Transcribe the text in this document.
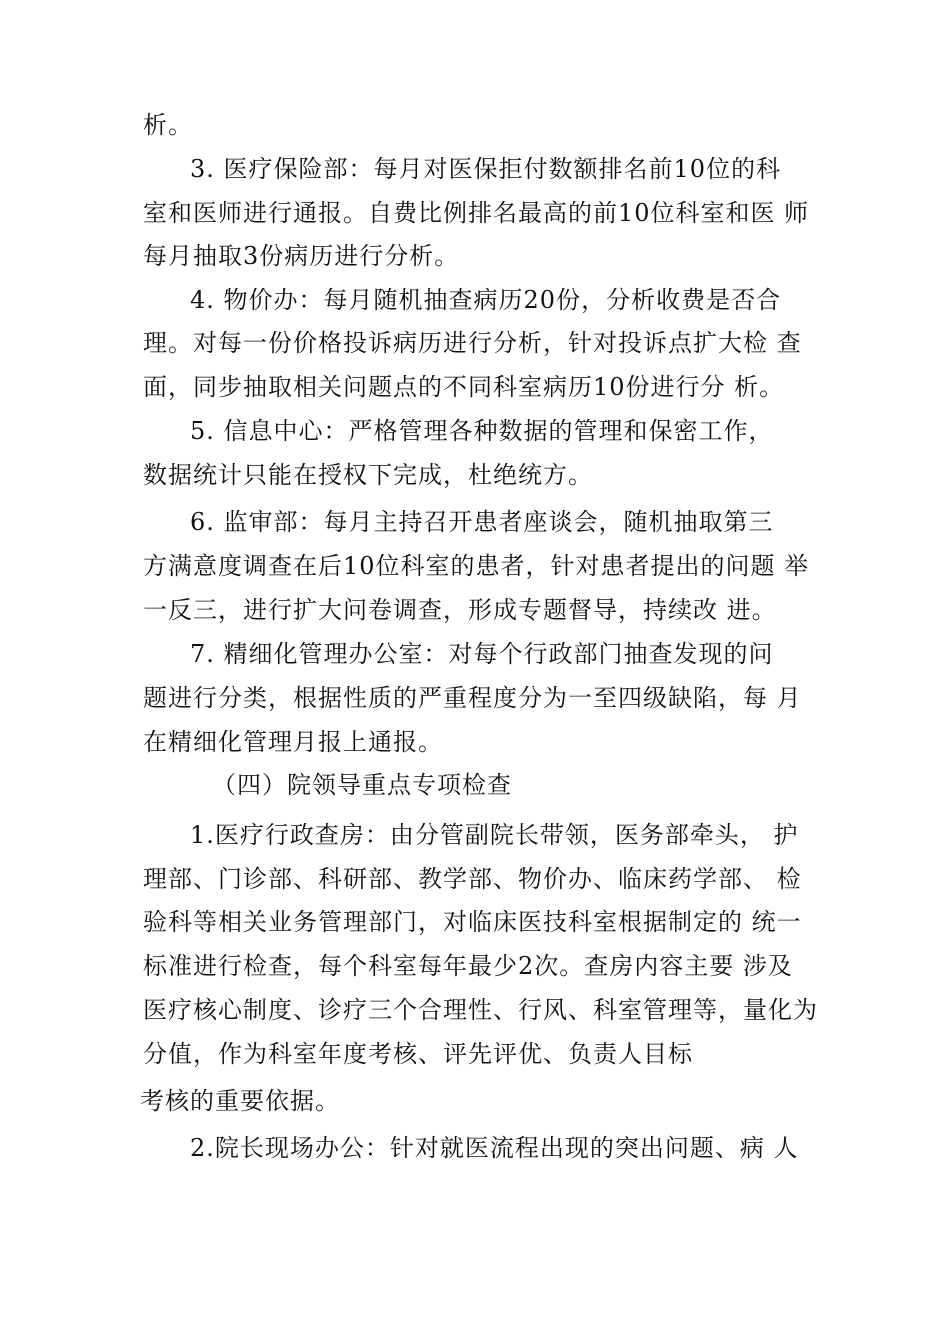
析。
3. 医疗保险部：每月对医保拒付数额排名前10位的科
室和医师进行通报。自费比例排名最高的前10位科室和医 师
每月抽取3份病历进行分析。
4. 物价办：每月随机抽查病历20份，分析收费是否合
理。对每一份价格投诉病历进行分析，针对投诉点扩大检 查
面，同步抽取相关问题点的不同科室病历10份进行分 析。
5. 信息中心：严格管理各种数据的管理和保密工作，
数据统计只能在授权下完成，杜绝统方。
6. 监审部：每月主持召开患者座谈会，随机抽取第三
方满意度调查在后10位科室的患者，针对患者提出的问题 举
一反三，进行扩大问卷调查，形成专题督导，持续改 进。
7. 精细化管理办公室：对每个行政部门抽查发现的问
题进行分类，根据性质的严重程度分为一至四级缺陷，每 月
在精细化管理月报上通报。
（四）院领导重点专项检查
1.医疗行政查房：由分管副院长带领，医务部牵头， 护
理部、门诊部、科研部、教学部、物价办、临床药学部、 检
验科等相关业务管理部门，对临床医技科室根据制定的 统一
标准进行检查，每个科室每年最少2次。查房内容主要 涉及
医疗核心制度、诊疗三个合理性、行风、科室管理等，量化为
分值，作为科室年度考核、评先评优、负责人目标
考核的重要依据。
2.院长现场办公：针对就医流程出现的突出问题、病 人
